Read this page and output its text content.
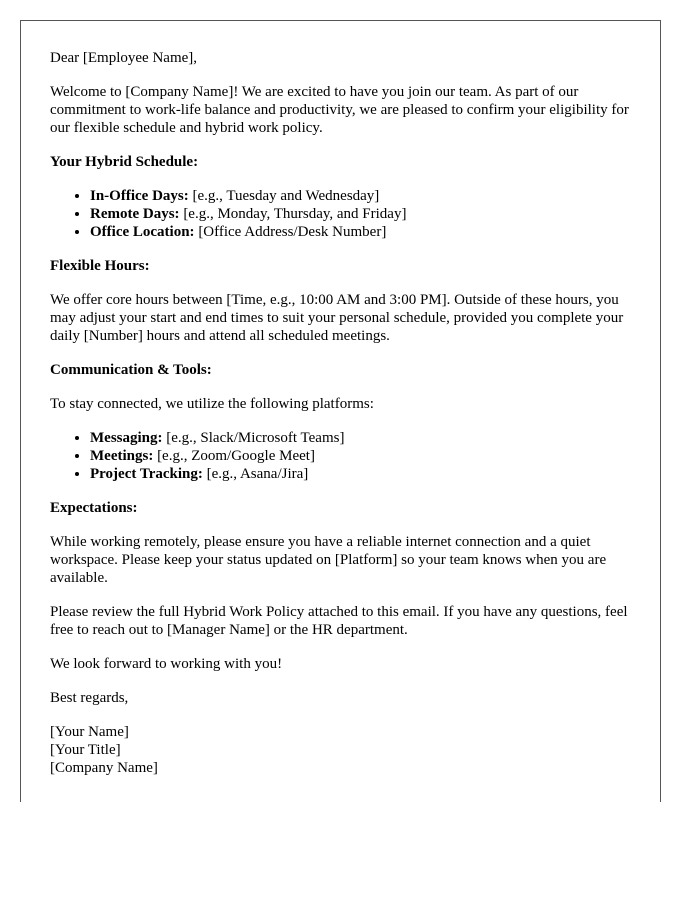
Dear [Employee Name],

Welcome to [Company Name]! We are excited to have you join our team. As part of our commitment to work-life balance and productivity, we are pleased to confirm your eligibility for our flexible schedule and hybrid work policy.

Your Hybrid Schedule:

• In-Office Days: [e.g., Tuesday and Wednesday]
• Remote Days: [e.g., Monday, Thursday, and Friday]
• Office Location: [Office Address/Desk Number]

Flexible Hours:

We offer core hours between [Time, e.g., 10:00 AM and 3:00 PM]. Outside of these hours, you may adjust your start and end times to suit your personal schedule, provided you complete your daily [Number] hours and attend all scheduled meetings.

Communication & Tools:

To stay connected, we utilize the following platforms:

• Messaging: [e.g., Slack/Microsoft Teams]
• Meetings: [e.g., Zoom/Google Meet]
• Project Tracking: [e.g., Asana/Jira]

Expectations:

While working remotely, please ensure you have a reliable internet connection and a quiet workspace. Please keep your status updated on [Platform] so your team knows when you are available.

Please review the full Hybrid Work Policy attached to this email. If you have any questions, feel free to reach out to [Manager Name] or the HR department.

We look forward to working with you!

Best regards,

[Your Name]

[Your Title]

[Company Name]
